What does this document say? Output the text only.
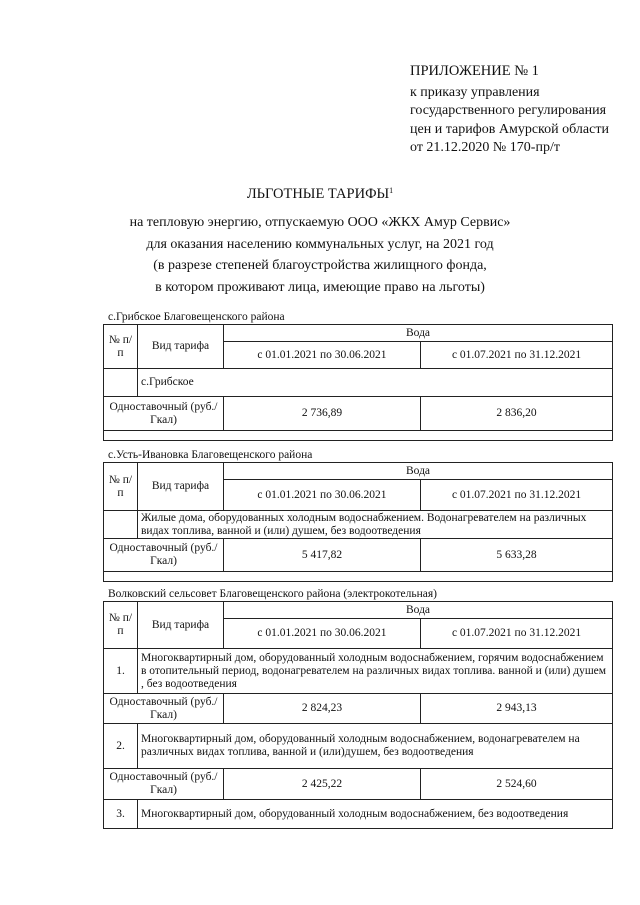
ПРИЛОЖЕНИЕ № 1
к приказу управления
государственного регулирования
цен и тарифов Амурской области
от 21.12.2020 № 170-пр/т
ЛЬГОТНЫЕ ТАРИФЫ$^1$
на тепловую энергию, отпускаемую ООО «ЖКХ Амур Сервис»
для оказания населению коммунальных услуг, на 2021 год
(в разрезе степеней благоустройства жилищного фонда,
в котором проживают лица, имеющие право на льготы)
с.Грибское Благовещенского района
№ п/п	Вид тарифа	Вода	
		с 01.01.2021 по 30.06.2021	с 01.07.2021 по 31.12.2021
	с.Грибское		
Одноставочный (руб./Гкал)		2 736,89	2 836,20

с.Усть-Ивановка Благовещенского района
№ п/п	Вид тарифа	Вода	
		с 01.01.2021 по 30.06.2021	с 01.07.2021 по 31.12.2021
	Жилые дома, оборудованных холодным водоснабжением. Водонагревателем на различных видах топлива, ванной и (или) душем, без водоотведения		
Одноставочный (руб./Гкал)		5 417,82	5 633,28

Волковский сельсовет Благовещенского района (электрокотельная)
№ п/п	Вид тарифа	Вода	
		с 01.01.2021 по 30.06.2021	с 01.07.2021 по 31.12.2021
1.	Многоквартирный дом, оборудованный холодным водоснабжением, горячим водоснабжением в отопительный период, водонагревателем на различных видах топлива. ванной и (или) душем , без водоотведения		
Одноставочный (руб./Гкал)		2 824,23	2 943,13
2.	Многоквартирный дом, оборудованный холодным водоснабжением, водонагревателем на различных видах топлива, ванной и (или)душем, без водоотведения		
Одноставочный (руб./Гкал)		2 425,22	2 524,60
3.	Многоквартирный дом, оборудованный холодным водоснабжением, без водоотведения		
